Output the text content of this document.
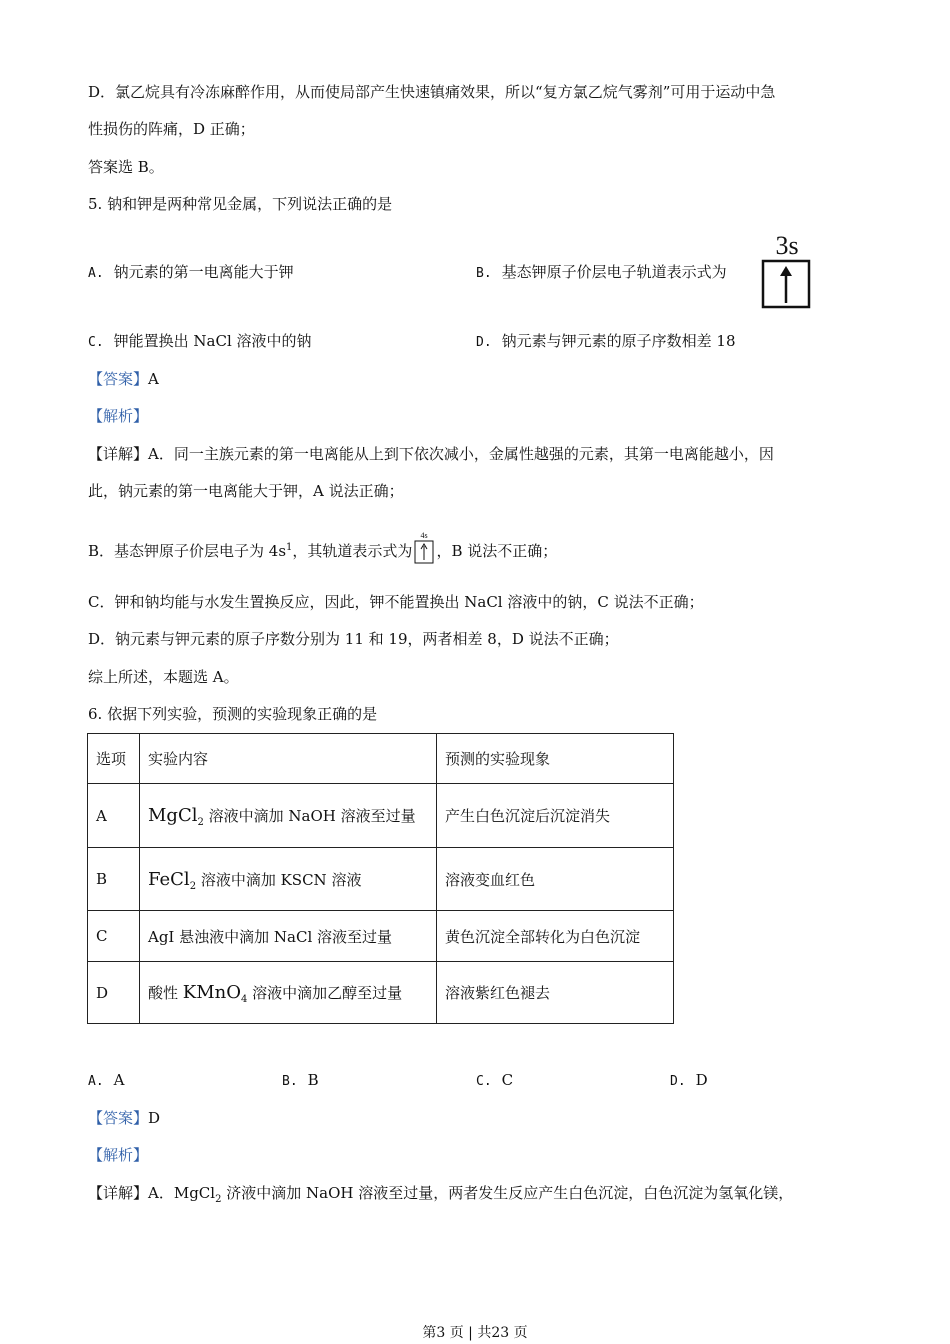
D．氯乙烷具有冷冻麻醉作用，从而使局部产生快速镇痛效果，所以“复方氯乙烷气雾剂”可用于运动中急
性损伤的阵痛，D 正确；
答案选 B。
5. 钠和钾是两种常见金属，下列说法正确的是
A. 钠元素的第一电离能大于钾	B. 基态钾原子价层电子轨道表示式为
3s
C. 钾能置换出 NaCl 溶液中的钠	D. 钠元素与钾元素的原子序数相差 18
【答案】A
【解析】
【详解】A．同一主族元素的第一电离能从上到下依次减小，金属性越强的元素，其第一电离能越小，因
此，钠元素的第一电离能大于钾，A 说法正确；
B．基态钾原子价层电子为 $4s^1$，其轨道表示式为
4s
，B 说法不正确；
C．钾和钠均能与水发生置换反应，因此，钾不能置换出 NaCl 溶液中的钠，C 说法不正确；
D．钠元素与钾元素的原子序数分别为 11 和 19，两者相差 8，D 说法不正确；
综上所述，本题选 A。
6. 依据下列实验，预测的实验现象正确的是
选项	实验内容	预测的实验现象
A	MgCl$_2$ 溶液中滴加 NaOH 溶液至过量	产生白色沉淀后沉淀消失
B	FeCl$_2$ 溶液中滴加 KSCN 溶液	溶液变血红色
C	AgI 悬浊液中滴加 NaCl 溶液至过量	黄色沉淀全部转化为白色沉淀
D	酸性 KMnO$_4$ 溶液中滴加乙醇至过量	溶液紫红色褪去
A. A	B. B	C. C	D. D
【答案】D
【解析】
【详解】A．MgCl$_2$ 济液中滴加 NaOH 溶液至过量，两者发生反应产生白色沉淀，白色沉淀为氢氧化镁，
第3 页 | 共23 页
